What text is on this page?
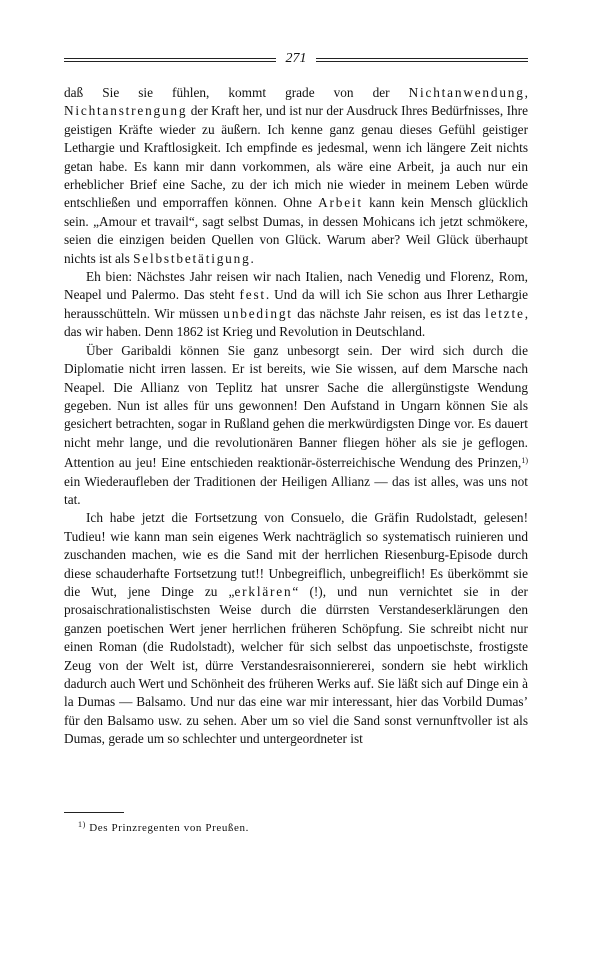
271

daß Sie sie fühlen, kommt grade von der Nichtanwendung, Nichtanstrengung der Kraft her, und ist nur der Ausdruck Ihres Bedürfnisses, Ihre geistigen Kräfte wieder zu äußern. Ich kenne ganz genau dieses Gefühl geistiger Lethargie und Kraftlosigkeit. Ich empfinde es jedesmal, wenn ich längere Zeit nichts getan habe. Es kann mir dann vorkommen, als wäre eine Arbeit, ja auch nur ein erheblicher Brief eine Sache, zu der ich mich nie wieder in meinem Leben würde entschließen und emporraffen können. Ohne Arbeit kann kein Mensch glücklich sein. „Amour et travail“, sagt selbst Dumas, in dessen Mohicans ich jetzt schmökere, seien die einzigen beiden Quellen von Glück. Warum aber? Weil Glück überhaupt nichts ist als Selbstbetätigung.

Eh bien: Nächstes Jahr reisen wir nach Italien, nach Venedig und Florenz, Rom, Neapel und Palermo. Das steht fest. Und da will ich Sie schon aus Ihrer Lethargie herausschütteln. Wir müssen unbedingt das nächste Jahr reisen, es ist das letzte, das wir haben. Denn 1862 ist Krieg und Revolution in Deutschland.

Über Garibaldi können Sie ganz unbesorgt sein. Der wird sich durch die Diplomatie nicht irren lassen. Er ist bereits, wie Sie wissen, auf dem Marsche nach Neapel. Die Allianz von Teplitz hat unsrer Sache die allergünstigste Wendung gegeben. Nun ist alles für uns gewonnen! Den Aufstand in Ungarn können Sie als gesichert betrachten, sogar in Rußland gehen die merkwürdigsten Dinge vor. Es dauert nicht mehr lange, und die revolutionären Banner fliegen höher als sie je geflogen. Attention au jeu! Eine entschieden reaktionär-österreichische Wendung des Prinzen,$^{1)}$ ein Wiederaufleben der Traditionen der Heiligen Allianz — das ist alles, was uns not tat.

Ich habe jetzt die Fortsetzung von Consuelo, die Gräfin Rudolstadt, gelesen! Tudieu! wie kann man sein eigenes Werk nachträglich so systematisch ruinieren und zuschanden machen, wie es die Sand mit der herrlichen Riesenburg-Episode durch diese schauderhafte Fortsetzung tut!! Unbegreiflich, unbegreiflich! Es überkömmt sie die Wut, jene Dinge zu „erklären“ (!), und nun vernichtet sie in der prosaischrationalistischsten Weise durch die dürrsten Verstandeserklärungen den ganzen poetischen Wert jener herrlichen früheren Schöpfung. Sie schreibt nicht nur einen Roman (die Rudolstadt), welcher für sich selbst das unpoetischste, frostigste Zeug von der Welt ist, dürre Verstandesraisonniererei, sondern sie hebt wirklich dadurch auch Wert und Schönheit des früheren Werks auf. Sie läßt sich auf Dinge ein à la Dumas — Balsamo. Und nur das eine war mir interessant, hier das Vorbild Dumas’ für den Balsamo usw. zu sehen. Aber um so viel die Sand sonst vernunftvoller ist als Dumas, gerade um so schlechter und untergeordneter ist

$^{1)}$ Des Prinzregenten von Preußen.
